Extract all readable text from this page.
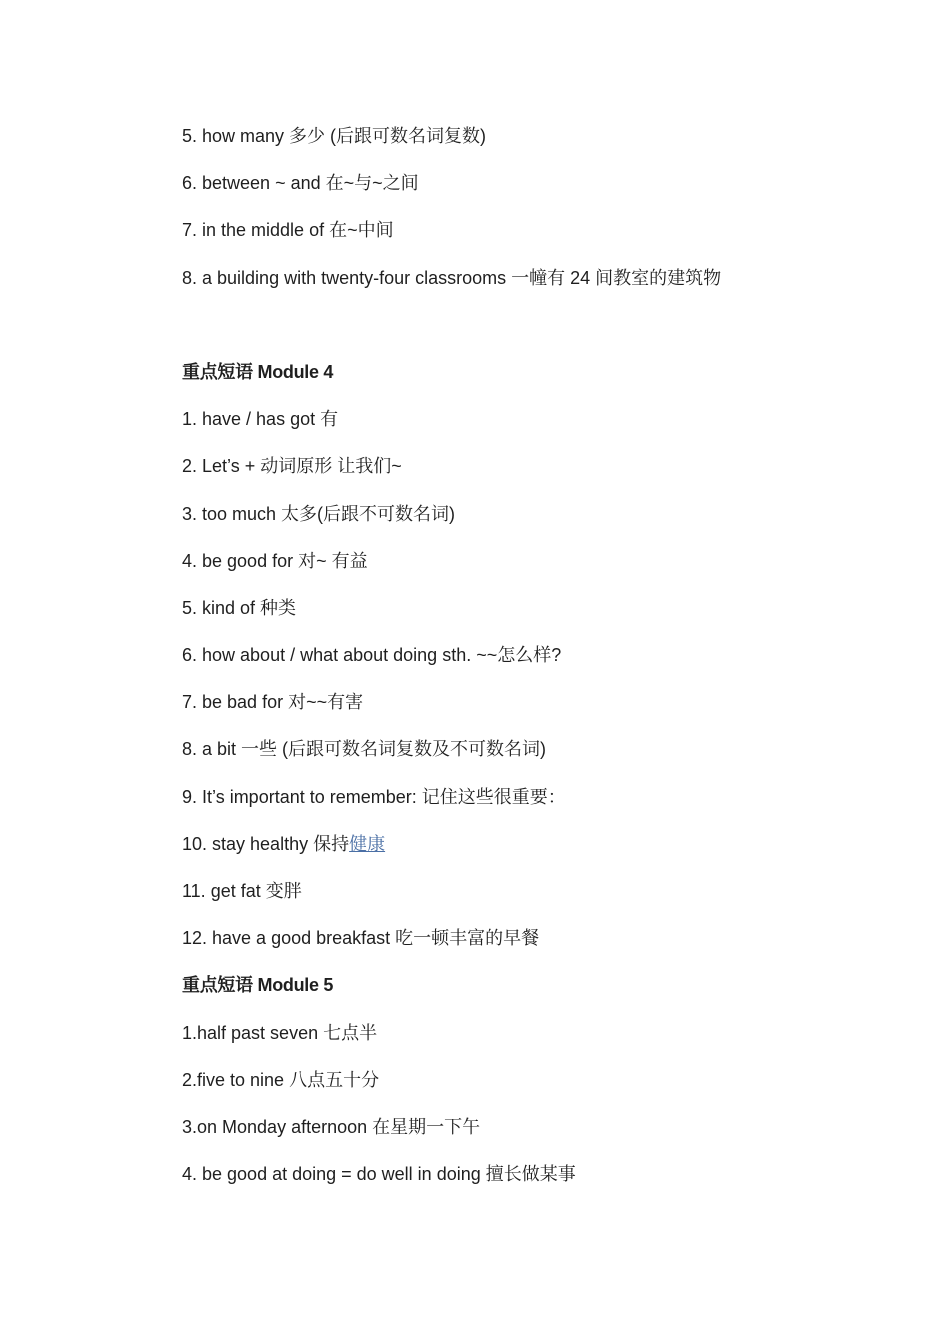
5. how many 多少 (后跟可数名词复数)
6. between ~ and 在~与~之间
7. in the middle of 在~中间
8. a building with twenty-four classrooms 一幢有 24 间教室的建筑物
重点短语 Module 4
1. have / has got 有
2. Let’s + 动词原形 让我们~
3. too much 太多(后跟不可数名词)
4. be good for 对~ 有益
5. kind of 种类
6. how about / what about doing sth. ~~怎么样?
7. be bad for 对~~有害
8. a bit 一些 (后跟可数名词复数及不可数名词)
9. It’s important to remember: 记住这些很重要：
10. stay healthy 保持健康
11. get fat 变胖
12. have a good breakfast 吃一顿丰富的早餐
重点短语 Module 5
1.half past seven 七点半
2.five to nine 八点五十分
3.on Monday afternoon 在星期一下午
4. be good at doing = do well in doing 擅长做某事
